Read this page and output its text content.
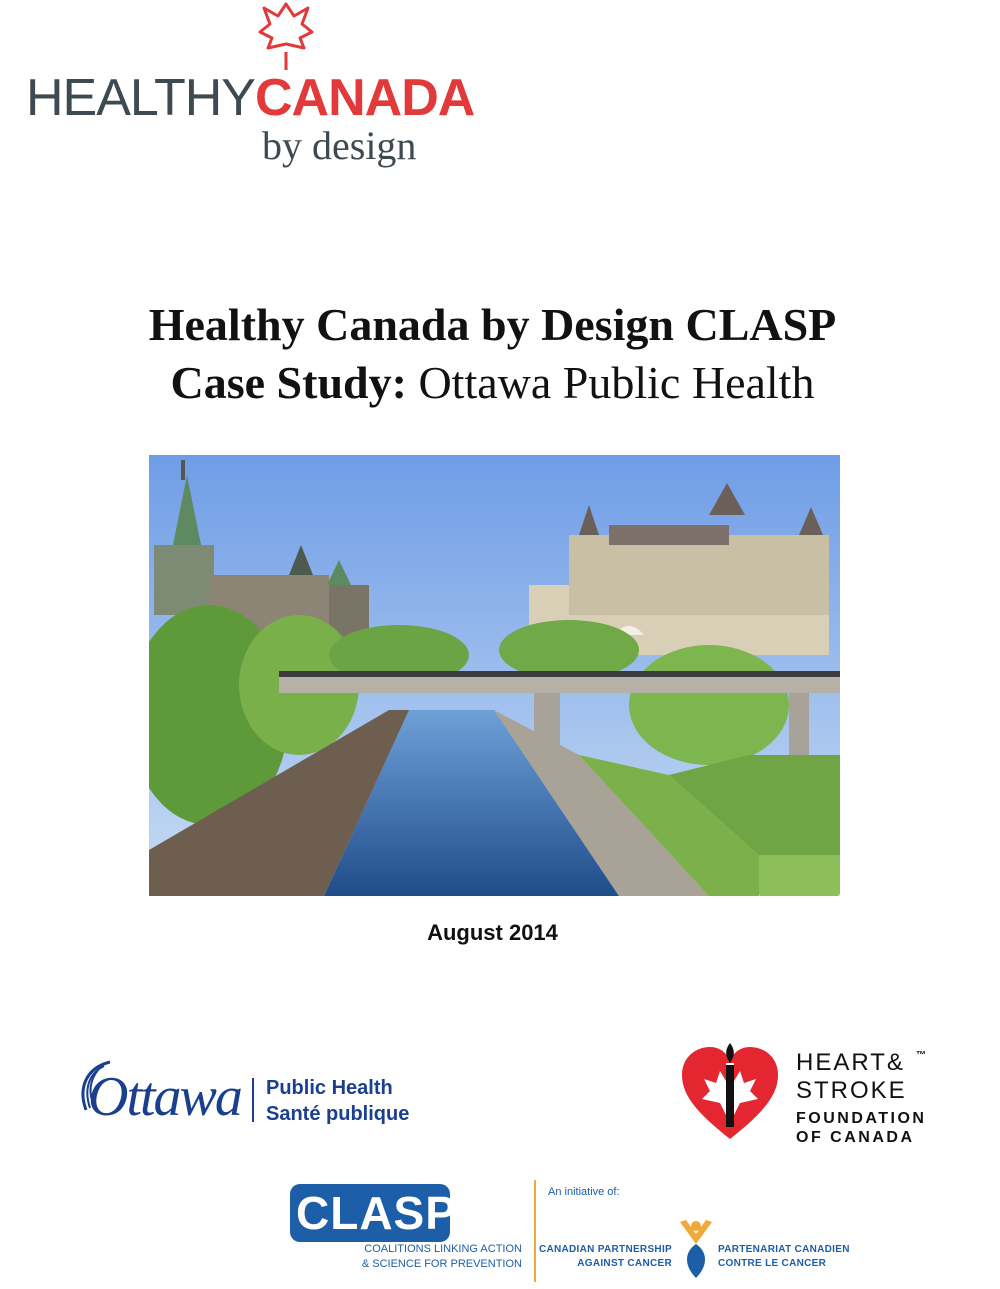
HEALTHYCANADA
by design
Healthy Canada by Design CLASP
Case Study: Ottawa Public Health
August 2014
Ottawa Public Health
Santé publique
HEART& ™
STROKE
FOUNDATION
OF CANADA
CLASP
COALITIONS LINKING ACTION
& SCIENCE FOR PREVENTION
An initiative of:
CANADIAN PARTNERSHIP
AGAINST CANCER
PARTENARIAT CANADIEN
CONTRE LE CANCER
